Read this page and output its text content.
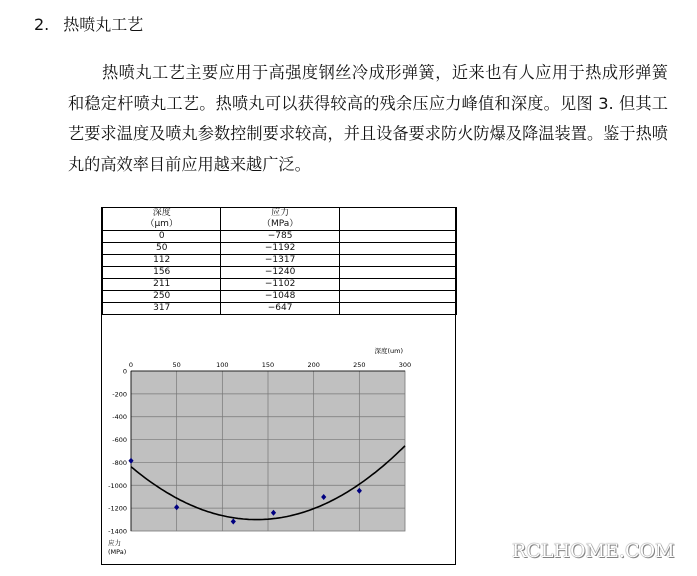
2. 热喷丸工艺
热喷丸工艺主要应用于高强度钢丝冷成形弹簧，近来也有人应用于热成形弹簧和稳定杆喷丸工艺。热喷丸可以获得较高的残余压应力峰值和深度。见图 3. 但其工艺要求温度及喷丸参数控制要求较高，并且设备要求防火防爆及降温装置。鉴于热喷丸的高效率目前应用越来越广泛。
深度	应力	
（μm）	（MPa）	
0	−785	
50	−1192	
112	−1317	
156	−1240	
211	−1102	
250	−1048	
317	−647	
0	50	100	150	200	250	300
0
-200
-400
-600
-800
-1000
-1200
-1400
深度(um)
应力
(MPa)	RCLHOME.COM
